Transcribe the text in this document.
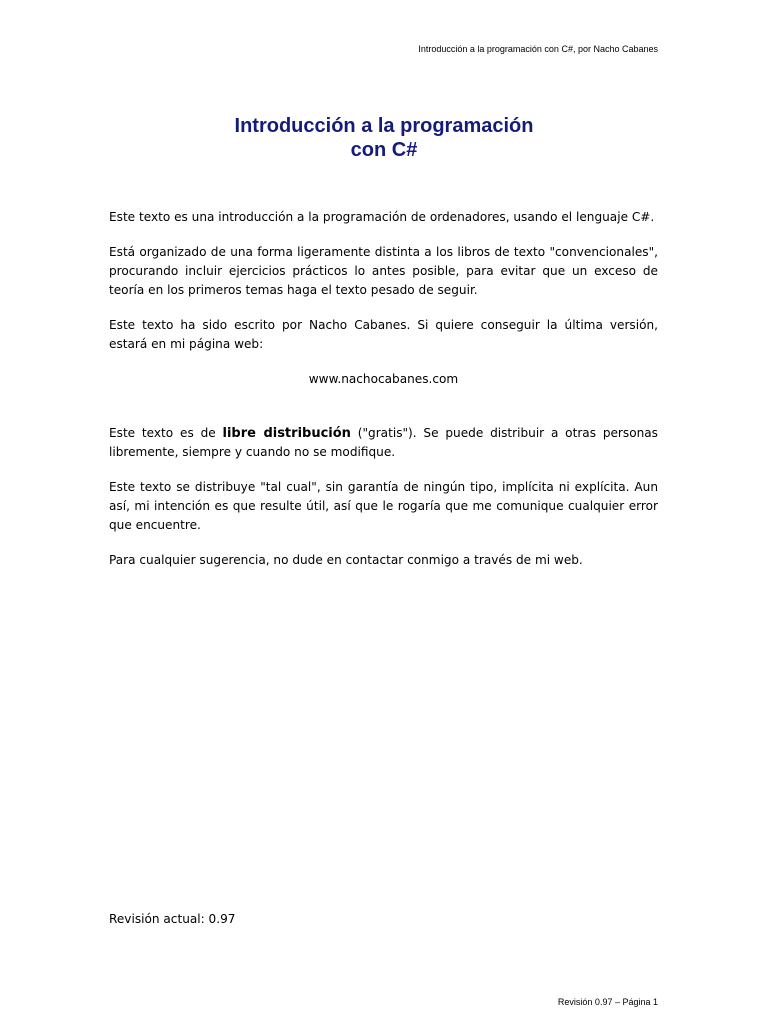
Introducción a la programación con C#, por Nacho Cabanes
Introducción a la programación
con C#

Este texto es una introducción a la programación de ordenadores, usando el lenguaje C#.

Está organizado de una forma ligeramente distinta a los libros de texto "convencionales", procurando incluir ejercicios prácticos lo antes posible, para evitar que un exceso de teoría en los primeros temas haga el texto pesado de seguir.

Este texto ha sido escrito por Nacho Cabanes. Si quiere conseguir la última versión, estará en mi página web:

www.nachocabanes.com

Este texto es de libre distribución ("gratis"). Se puede distribuir a otras personas libremente, siempre y cuando no se modifique.

Este texto se distribuye "tal cual", sin garantía de ningún tipo, implícita ni explícita. Aun así, mi intención es que resulte útil, así que le rogaría que me comunique cualquier error que encuentre.

Para cualquier sugerencia, no dude en contactar conmigo a través de mi web.

Revisión actual: 0.97
Revisión 0.97 – Página 1
